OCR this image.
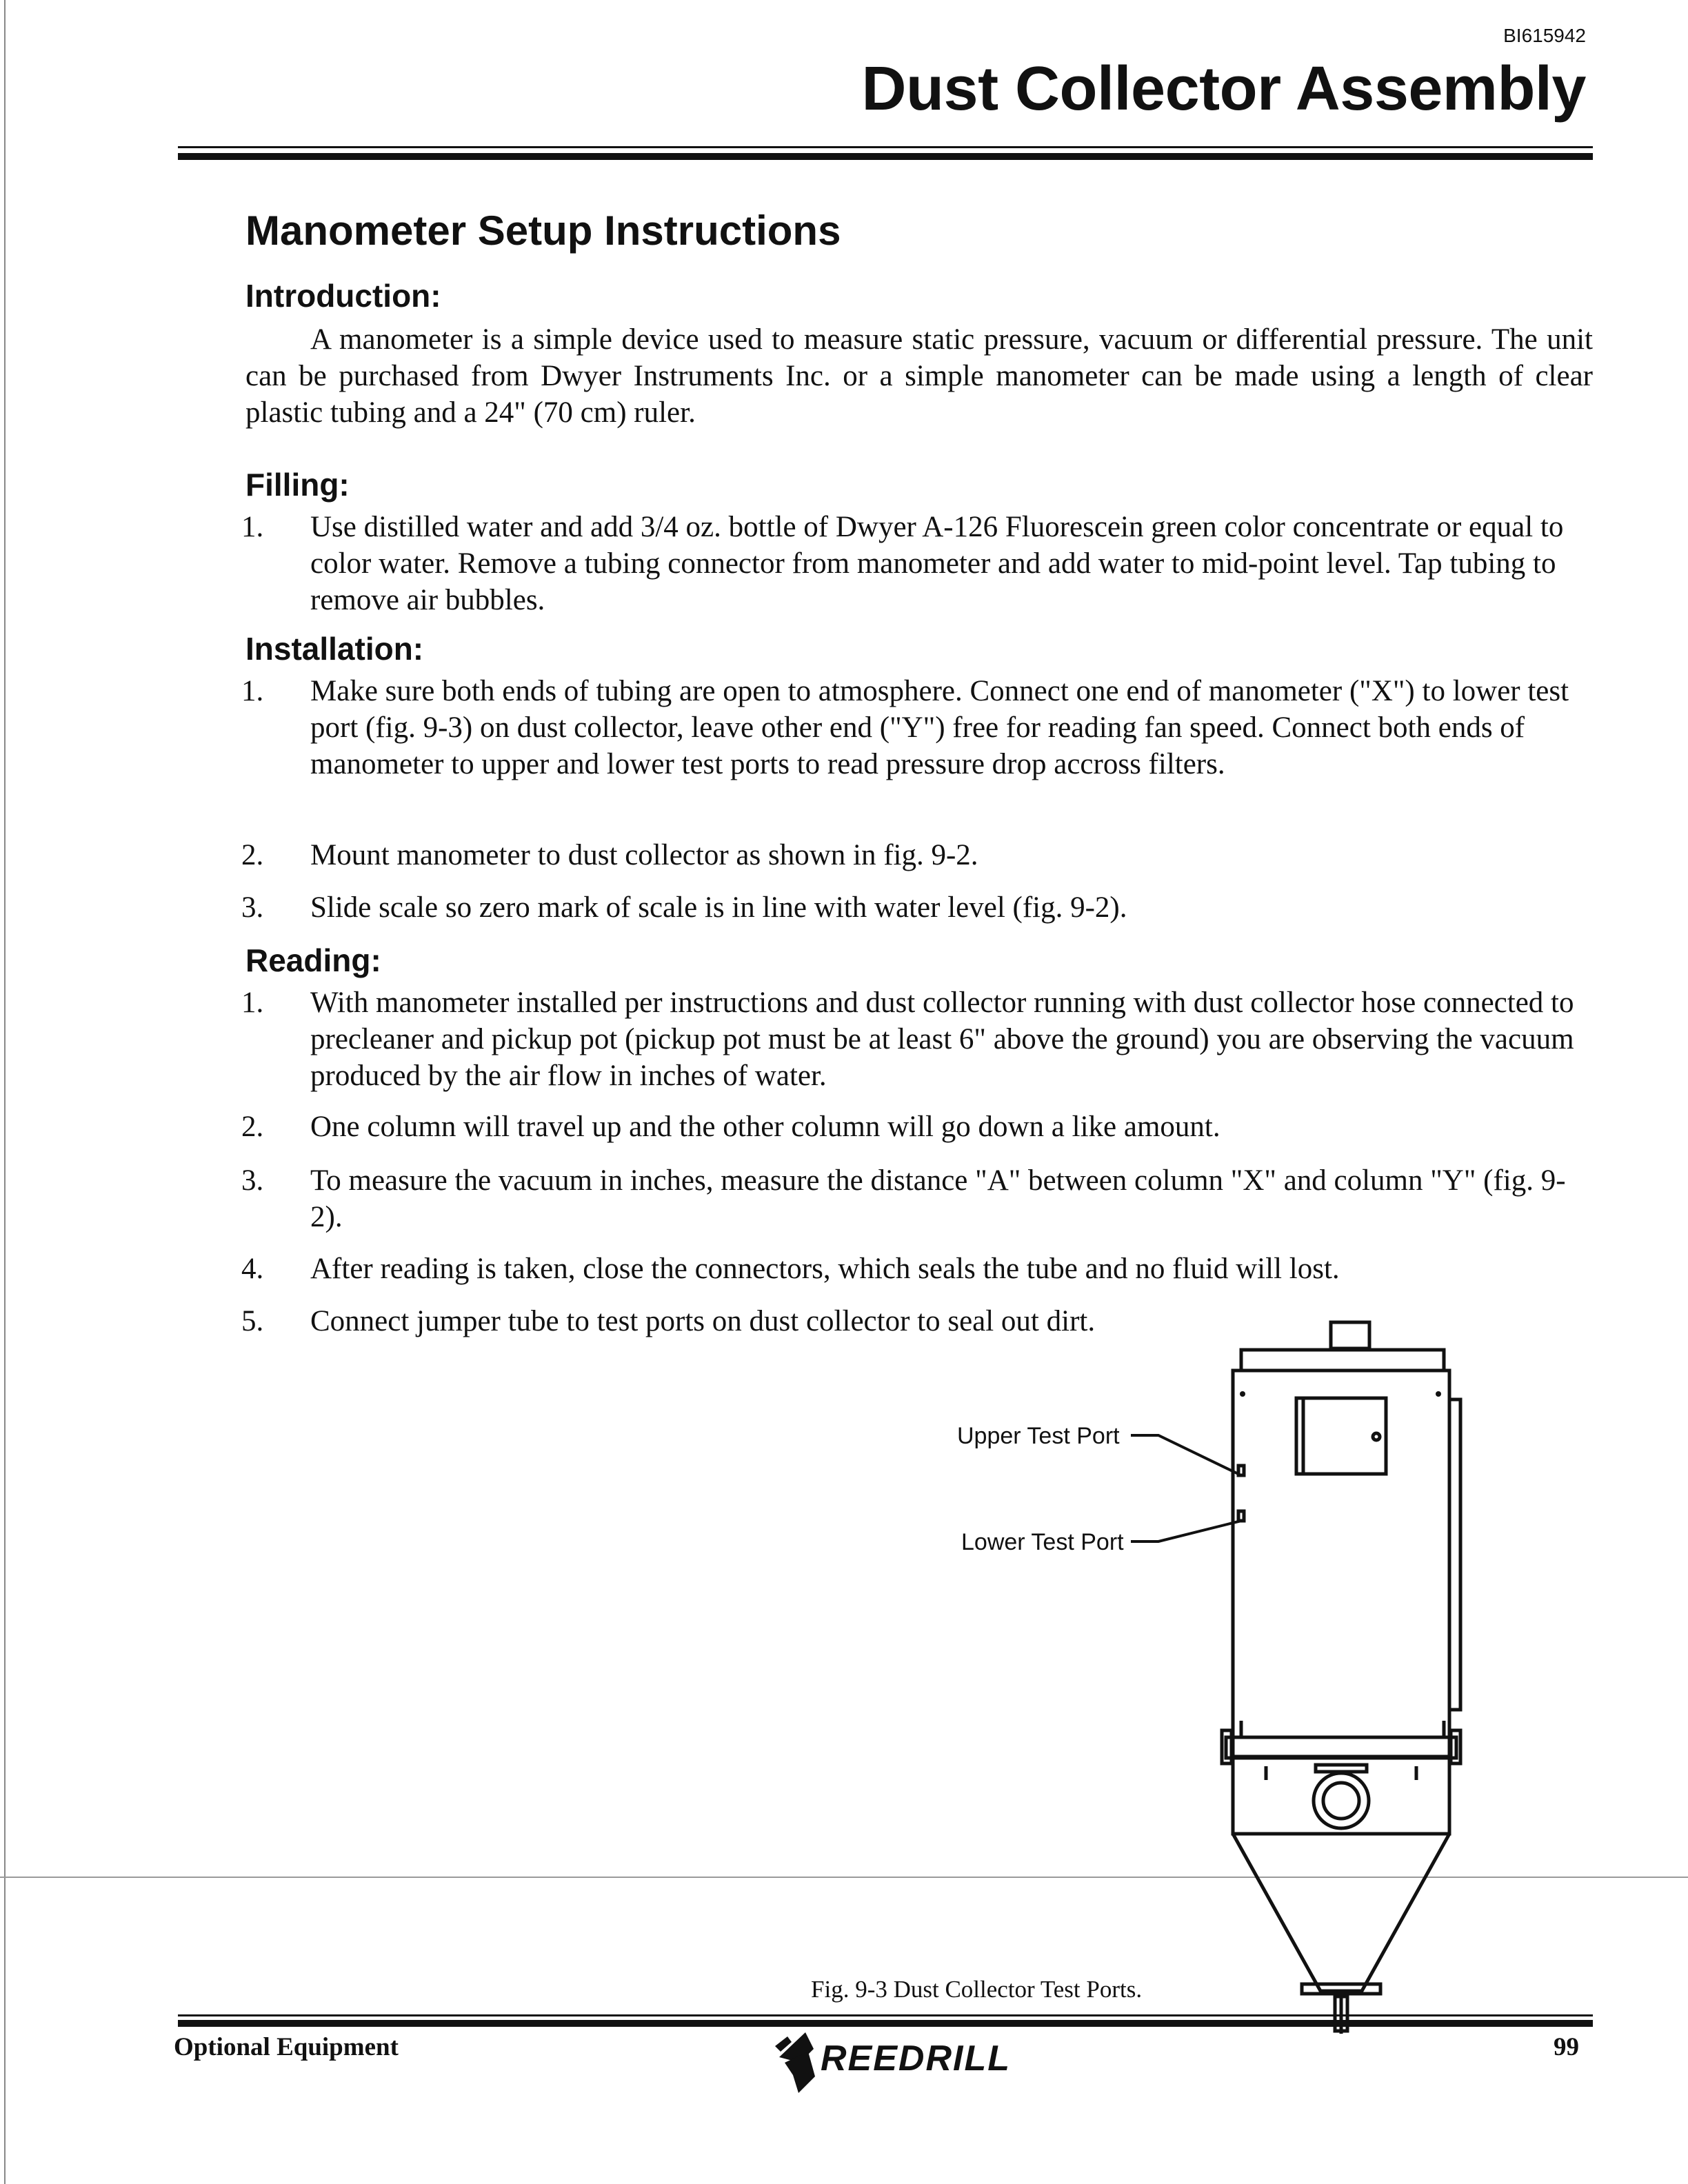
BI615942
Dust Collector Assembly
Manometer Setup Instructions
Introduction:
A manometer is a simple device used to measure static pressure, vacuum or differential pressure. The unit can be purchased from Dwyer Instruments Inc. or a simple manometer can be made using a length of clear plastic tubing and a 24" (70 cm) ruler.
Filling:
1.	Use distilled water and add 3/4 oz. bottle of Dwyer A-126 Fluorescein green color concentrate or equal to color water. Remove a tubing connector from manometer and add water to mid-point level. Tap tubing to remove air bubbles.
Installation:
1.	Make sure both ends of tubing are open to atmosphere. Connect one end of manometer ("X") to lower test port (fig. 9-3) on dust collector, leave other end ("Y") free for reading fan speed. Connect both ends of manometer to upper and lower test ports to read pressure drop accross filters.
2.	Mount manometer to dust collector as shown in fig. 9-2.
3.	Slide scale so zero mark of scale is in line with water level (fig. 9-2).
Reading:
1.	With manometer installed per instructions and dust collector running with dust collector hose connected to precleaner and pickup pot (pickup pot must be at least 6" above the ground) you are observing the vacuum produced by the air flow in inches of water.
2.	One column will travel up and the other column will go down a like amount.
3.	To measure the vacuum in inches, measure the distance "A" between column "X" and column "Y" (fig. 9-2).
4.	After reading is taken, close the connectors, which seals the tube and no fluid will lost.
5.	Connect jumper tube to test ports on dust collector to seal out dirt.
Upper Test Port
Lower Test Port
Fig. 9-3 Dust Collector Test Ports.
Optional Equipment	REEDRILL	99
